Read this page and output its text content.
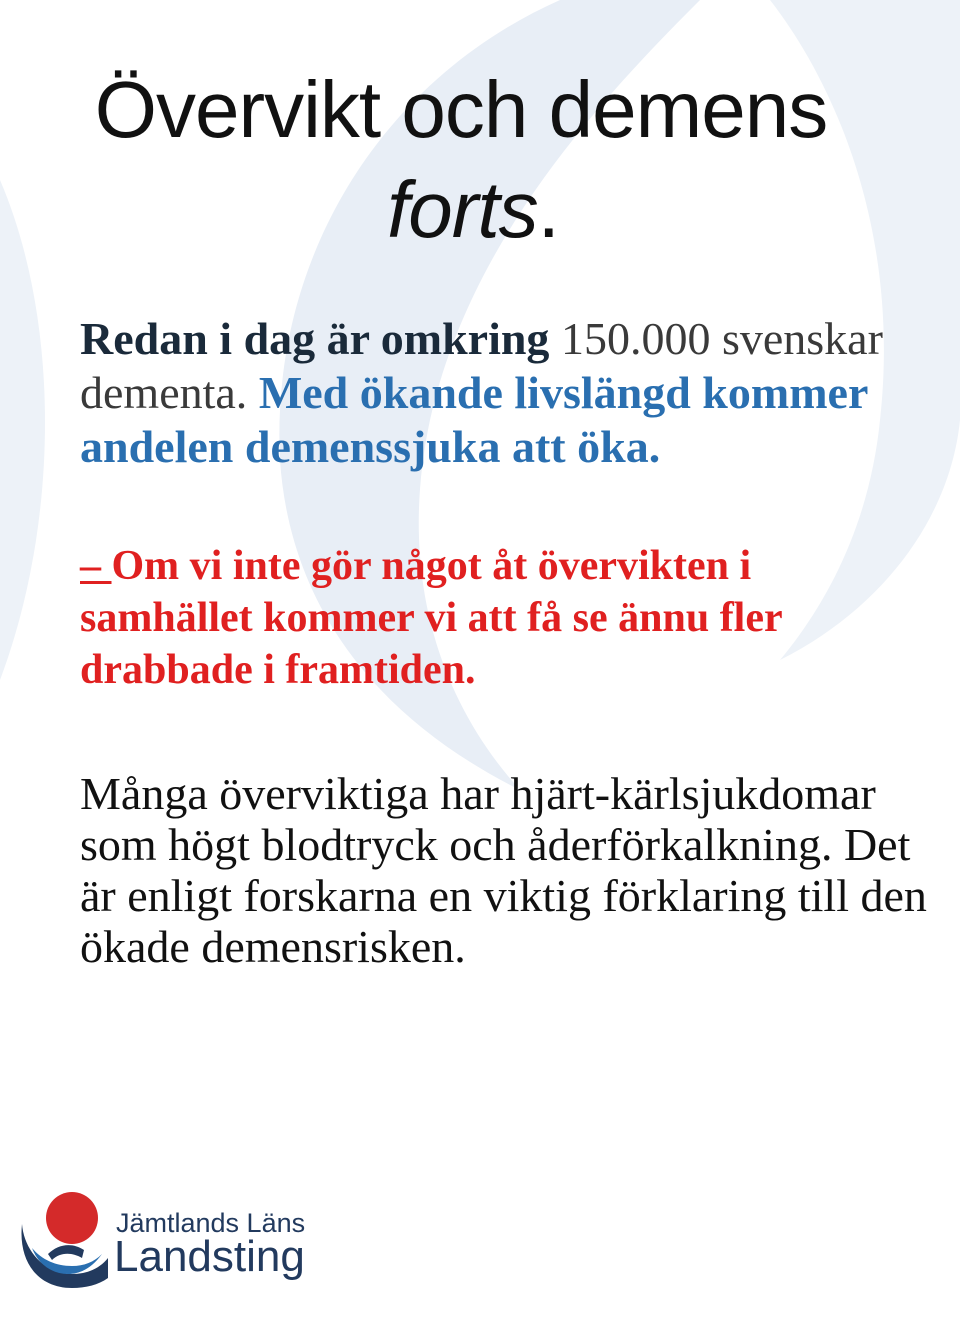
Övervikt och demens
forts.

Redan i dag är omkring 150.000 svenskar dementa. Med ökande livslängd kommer andelen demenssjuka att öka.

– Om vi inte gör något åt övervikten i samhället kommer vi att få se ännu fler drabbade i framtiden.

Många överviktiga har hjärt-kärlsjukdomar som högt blodtryck och åderförkalkning. Det är enligt forskarna en viktig förklaring till den ökade demensrisken.

Jämtlands Läns
Landsting
